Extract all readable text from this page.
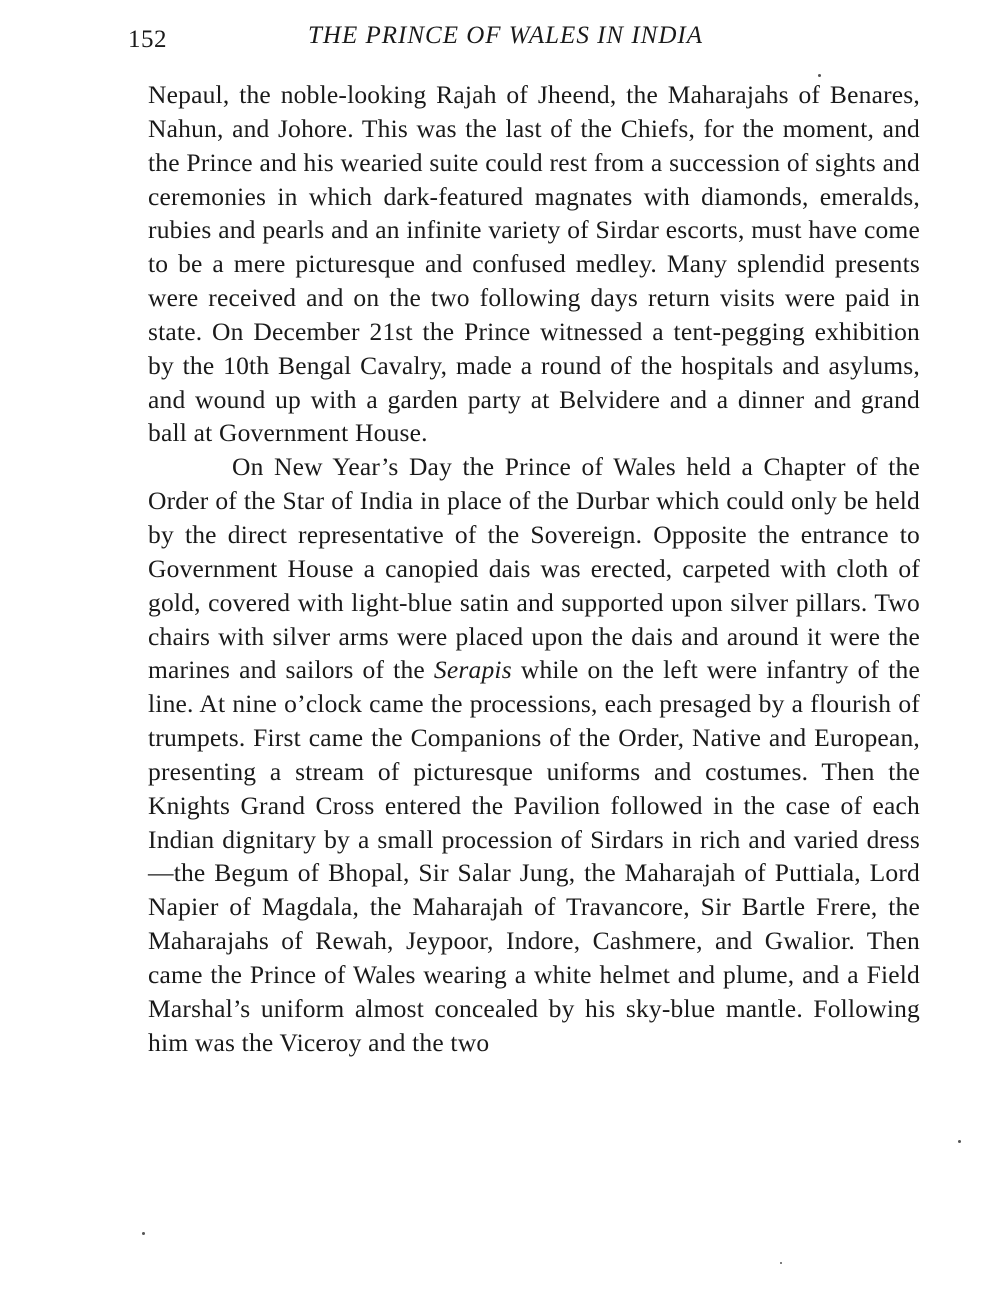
152	THE PRINCE OF WALES IN INDIA

Nepaul, the noble-looking Rajah of Jheend, the Maharajahs of Benares, Nahun, and Johore. This was the last of the Chiefs, for the moment, and the Prince and his wearied suite could rest from a succession of sights and ceremonies in which dark-featured magnates with diamonds, emeralds, rubies and pearls and an infinite variety of Sirdar escorts, must have come to be a mere picturesque and confused medley. Many splendid presents were received and on the two following days return visits were paid in state. On December 21st the Prince witnessed a tent-pegging exhibition by the 10th Bengal Cavalry, made a round of the hospitals and asylums, and wound up with a garden party at Belvidere and a dinner and grand ball at Government House.

On New Year’s Day the Prince of Wales held a Chapter of the Order of the Star of India in place of the Durbar which could only be held by the direct representative of the Sovereign. Opposite the entrance to Government House a canopied dais was erected, carpeted with cloth of gold, covered with light-blue satin and supported upon silver pillars. Two chairs with silver arms were placed upon the dais and around it were the marines and sailors of the Serapis while on the left were infantry of the line. At nine o’clock came the processions, each presaged by a flourish of trumpets. First came the Companions of the Order, Native and European, presenting a stream of picturesque uniforms and costumes. Then the Knights Grand Cross entered the Pavilion followed in the case of each Indian dignitary by a small procession of Sirdars in rich and varied dress—the Begum of Bhopal, Sir Salar Jung, the Maharajah of Puttiala, Lord Napier of Magdala, the Maharajah of Travancore, Sir Bartle Frere, the Maharajahs of Rewah, Jeypoor, Indore, Cashmere, and Gwalior. Then came the Prince of Wales wearing a white helmet and plume, and a Field Marshal’s uniform almost concealed by his sky-blue mantle. Following him was the Viceroy and the two
